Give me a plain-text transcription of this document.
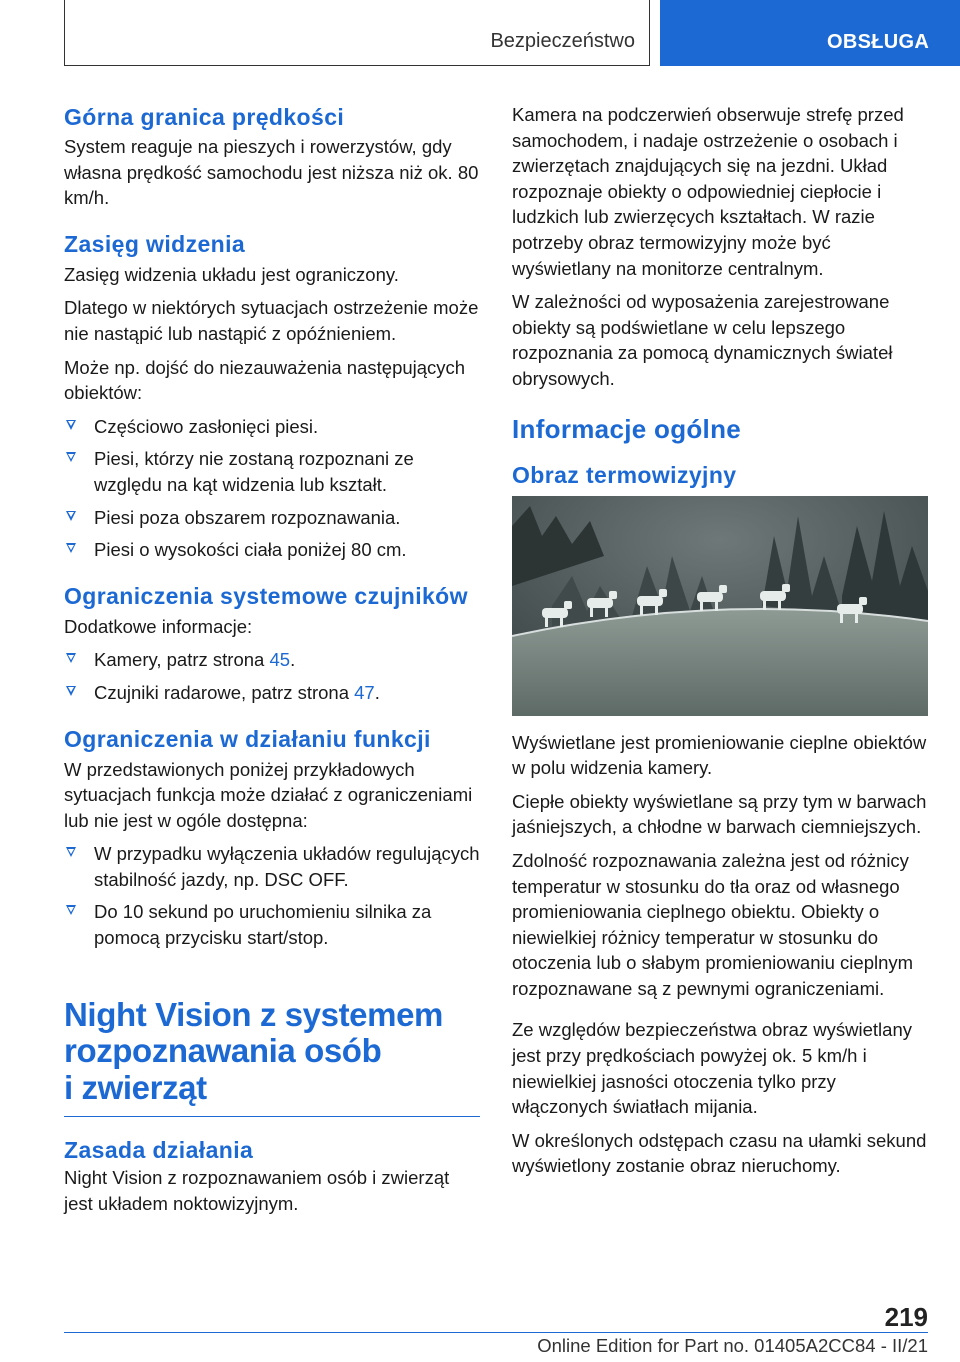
Bezpieczeństwo	OBSŁUGA
Górna granica prędkości

System reaguje na pieszych i rowerzystów, gdy własna prędkość samochodu jest niższa niż ok. 80 km/h.

Zasięg widzenia

Zasięg widzenia układu jest ograniczony.

Dlatego w niektórych sytuacjach ostrzeżenie może nie nastąpić lub nastąpić z opóźnieniem.

Może np. dojść do niezauważenia następujących obiektów:

Częściowo zasłonięci piesi.
Piesi, którzy nie zostaną rozpoznani ze względu na kąt widzenia lub kształt.
Piesi poza obszarem rozpoznawania.
Piesi o wysokości ciała poniżej 80 cm.
Ograniczenia systemowe czujników

Dodatkowe informacje:

Kamery, patrz strona 45.
Czujniki radarowe, patrz strona 47.
Ograniczenia w działaniu funkcji

W przedstawionych poniżej przykładowych sytuacjach funkcja może działać z ograniczeniami lub nie jest w ogóle dostępna:

W przypadku wyłączenia układów regulujących stabilność jazdy, np. DSC OFF.
Do 10 sekund po uruchomieniu silnika za pomocą przycisku start/stop.
Night Vision z systemem
rozpoznawania osób
i zwierząt
Zasada działania

Night Vision z rozpoznawaniem osób i zwierząt jest układem noktowizyjnym.

Kamera na podczerwień obserwuje strefę przed samochodem, i nadaje ostrzeżenie o osobach i zwierzętach znajdujących się na jezdni. Układ rozpoznaje obiekty o odpowiedniej ciepłocie i ludzkich lub zwierzęcych kształtach. W razie potrzeby obraz termowizyjny może być wyświetlany na monitorze centralnym.

W zależności od wyposażenia zarejestrowane obiekty są podświetlane w celu lepszego rozpoznania za pomocą dynamicznych świateł obrysowych.

Informacje ogólne
Obraz termowizyjny

Wyświetlane jest promieniowanie cieplne obiektów w polu widzenia kamery.

Ciepłe obiekty wyświetlane są przy tym w barwach jaśniejszych, a chłodne w barwach ciemniejszych.

Zdolność rozpoznawania zależna jest od różnicy temperatur w stosunku do tła oraz od własnego promieniowania cieplnego obiektu. Obiekty o niewielkiej różnicy temperatur w stosunku do otoczenia lub o słabym promieniowaniu cieplnym rozpoznawane są z pewnymi ograniczeniami.

Ze względów bezpieczeństwa obraz wyświetlany jest przy prędkościach powyżej ok. 5 km/h i niewielkiej jasności otoczenia tylko przy włączonych światłach mijania.

W określonych odstępach czasu na ułamki sekund wyświetlony zostanie obraz nieruchomy.

219
Online Edition for Part no. 01405A2CC84 - II/21
